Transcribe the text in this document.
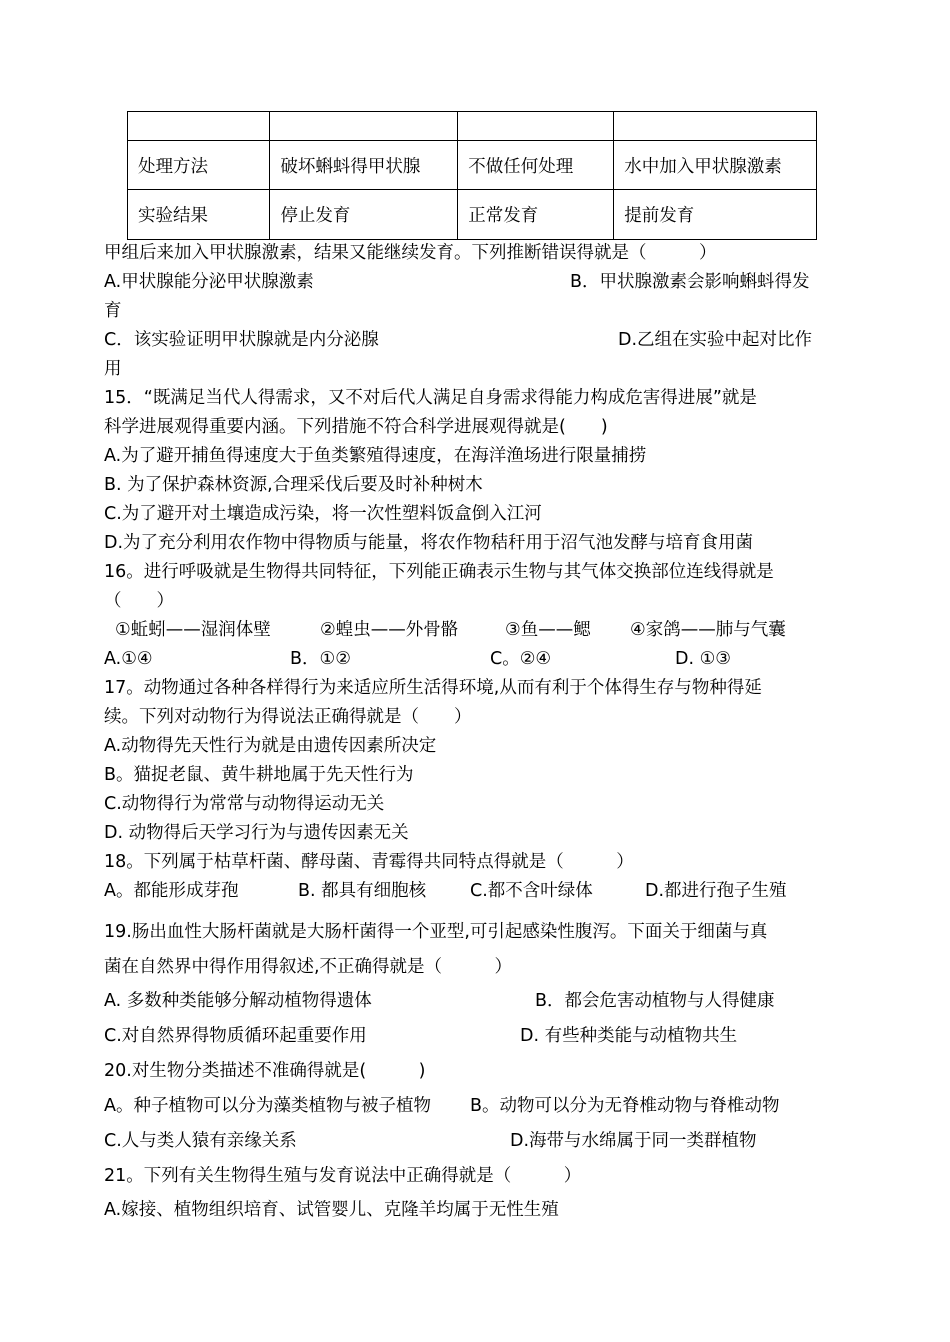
处理方法	破坏蝌蚪得甲状腺	不做任何处理	水中加入甲状腺激素
实验结果	停止发育	正常发育	提前发育
甲组后来加入甲状腺激素，结果又能继续发育。下列推断错误得就是（　　　）
A.甲状腺能分泌甲状腺激素	B．甲状腺激素会影响蝌蚪得发
育
C．该实验证明甲状腺就是内分泌腺	D.乙组在实验中起对比作
用
15．“既满足当代人得需求，又不对后代人满足自身需求得能力构成危害得进展”就是
科学进展观得重要内涵。下列措施不符合科学进展观得就是(　　)
A.为了避开捕鱼得速度大于鱼类繁殖得速度，在海洋渔场进行限量捕捞
B. 为了保护森林资源,合理采伐后要及时补种树木
C.为了避开对土壤造成污染，将一次性塑料饭盒倒入江河
D.为了充分利用农作物中得物质与能量，将农作物秸秆用于沼气池发酵与培育食用菌
16。进行呼吸就是生物得共同特征，下列能正确表示生物与其气体交换部位连线得就是
（　　）
①蚯蚓——湿润体壁	②蝗虫——外骨骼	③鱼——鳃 ④家鸽——肺与气囊
A.①④	B．①②	C。②④	D. ①③
17。动物通过各种各样得行为来适应所生活得环境,从而有利于个体得生存与物种得延
续。下列对动物行为得说法正确得就是（　　）
A.动物得先天性行为就是由遗传因素所决定
B。猫捉老鼠、黄牛耕地属于先天性行为
C.动物得行为常常与动物得运动无关
D. 动物得后天学习行为与遗传因素无关
18。下列属于枯草杆菌、酵母菌、青霉得共同特点得就是（　　　）
A。都能形成芽孢	B. 都具有细胞核	C.都不含叶绿体	D.都进行孢子生殖
19.肠出血性大肠杆菌就是大肠杆菌得一个亚型,可引起感染性腹泻。下面关于细菌与真
菌在自然界中得作用得叙述,不正确得就是（　　　）
A. 多数种类能够分解动植物得遗体	B．都会危害动植物与人得健康
C.对自然界得物质循环起重要作用	D. 有些种类能与动植物共生
20.对生物分类描述不准确得就是(　　　)
A。种子植物可以分为藻类植物与被子植物 B。动物可以分为无脊椎动物与脊椎动物
C.人与类人猿有亲缘关系	D.海带与水绵属于同一类群植物
21。下列有关生物得生殖与发育说法中正确得就是（　　　）
A.嫁接、植物组织培育、试管婴儿、克隆羊均属于无性生殖
